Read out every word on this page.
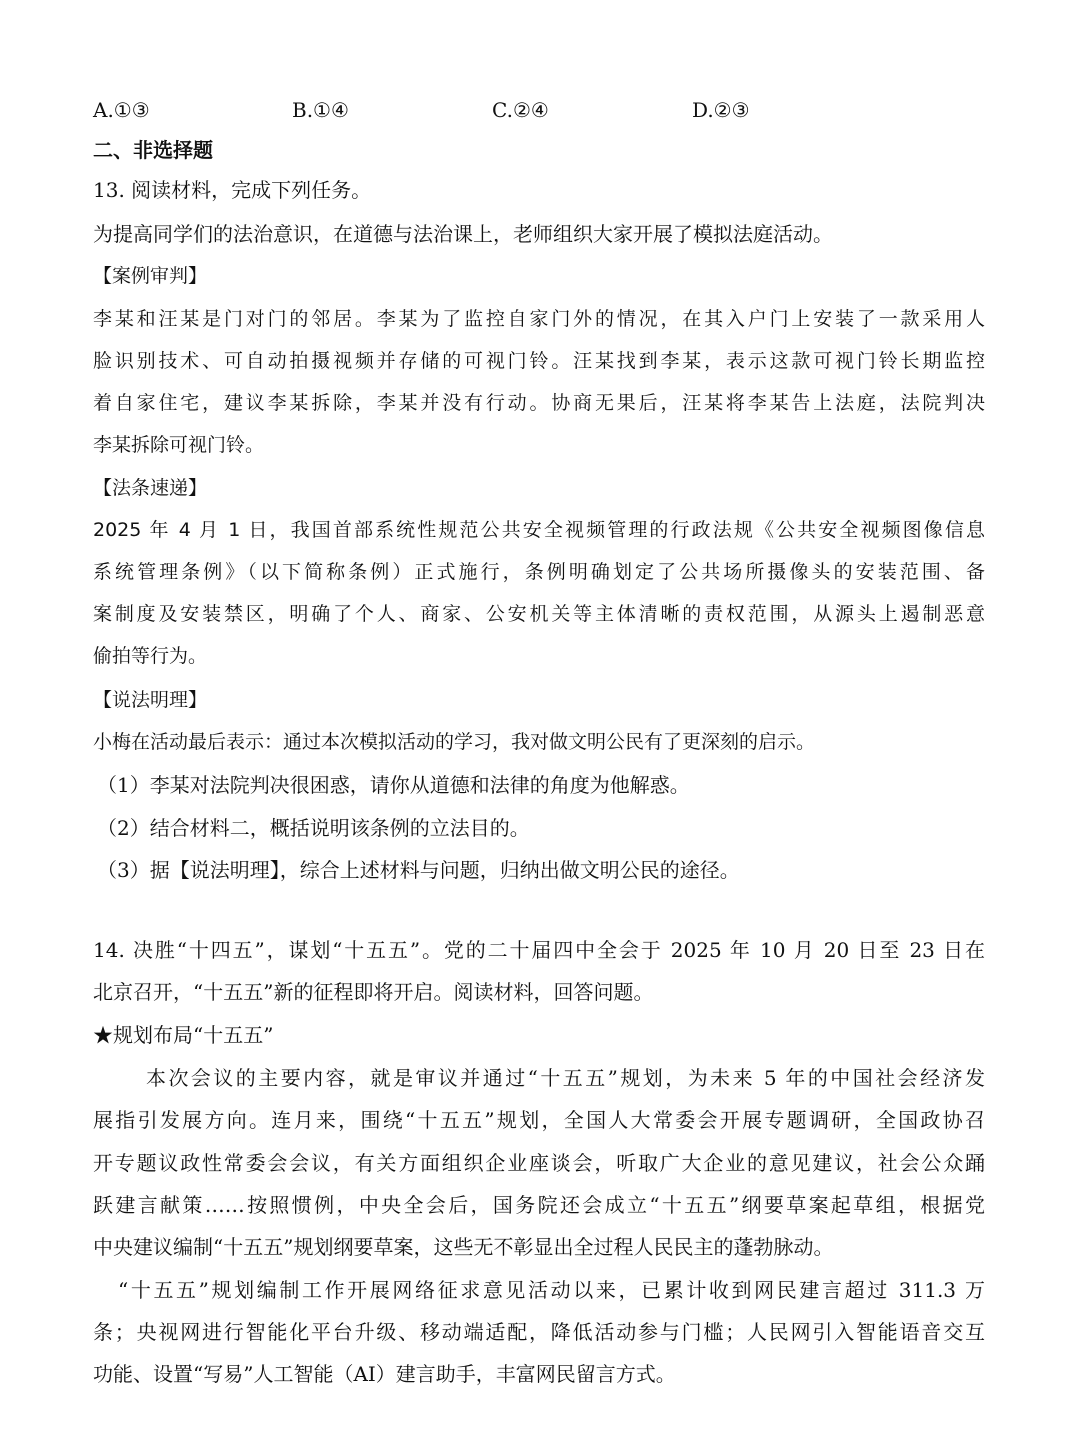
A.①③	B.①④	C.②④	D.②③
二、非选择题
13. 阅读材料，完成下列任务。
为提高同学们的法治意识，在道德与法治课上，老师组织大家开展了模拟法庭活动。
【案例审判】
李某和汪某是门对门的邻居。李某为了监控自家门外的情况，在其入户门上安装了一款采用人
脸识别技术、可自动拍摄视频并存储的可视门铃。汪某找到李某，表示这款可视门铃长期监控
着自家住宅，建议李某拆除，李某并没有行动。协商无果后，汪某将李某告上法庭，法院判决
李某拆除可视门铃。
【法条速递】
2025 年 4 月 1 日，我国首部系统性规范公共安全视频管理的行政法规《公共安全视频图像信息
系统管理条例》（以下简称条例）正式施行，条例明确划定了公共场所摄像头的安装范围、备
案制度及安装禁区，明确了个人、商家、公安机关等主体清晰的责权范围，从源头上遏制恶意
偷拍等行为。
【说法明理】
小梅在活动最后表示：通过本次模拟活动的学习，我对做文明公民有了更深刻的启示。
（1）李某对法院判决很困惑，请你从道德和法律的角度为他解惑。
（2）结合材料二，概括说明该条例的立法目的。
（3）据【说法明理】，综合上述材料与问题，归纳出做文明公民的途径。
14. 决胜“十四五”，谋划“十五五”。党的二十届四中全会于 2025 年 10 月 20 日至 23 日在
北京召开，“十五五”新的征程即将开启。阅读材料，回答问题。
★规划布局“十五五”
本次会议的主要内容，就是审议并通过“十五五”规划，为未来 5 年的中国社会经济发
展指引发展方向。连月来，围绕“十五五”规划，全国人大常委会开展专题调研，全国政协召
开专题议政性常委会会议，有关方面组织企业座谈会，听取广大企业的意见建议，社会公众踊
跃建言献策……按照惯例，中央全会后，国务院还会成立“十五五”纲要草案起草组，根据党
中央建议编制“十五五”规划纲要草案，这些无不彰显出全过程人民民主的蓬勃脉动。
“十五五”规划编制工作开展网络征求意见活动以来，已累计收到网民建言超过 311.3 万
条；央视网进行智能化平台升级、移动端适配，降低活动参与门槛；人民网引入智能语音交互
功能、设置“写易”人工智能（AI）建言助手，丰富网民留言方式。
